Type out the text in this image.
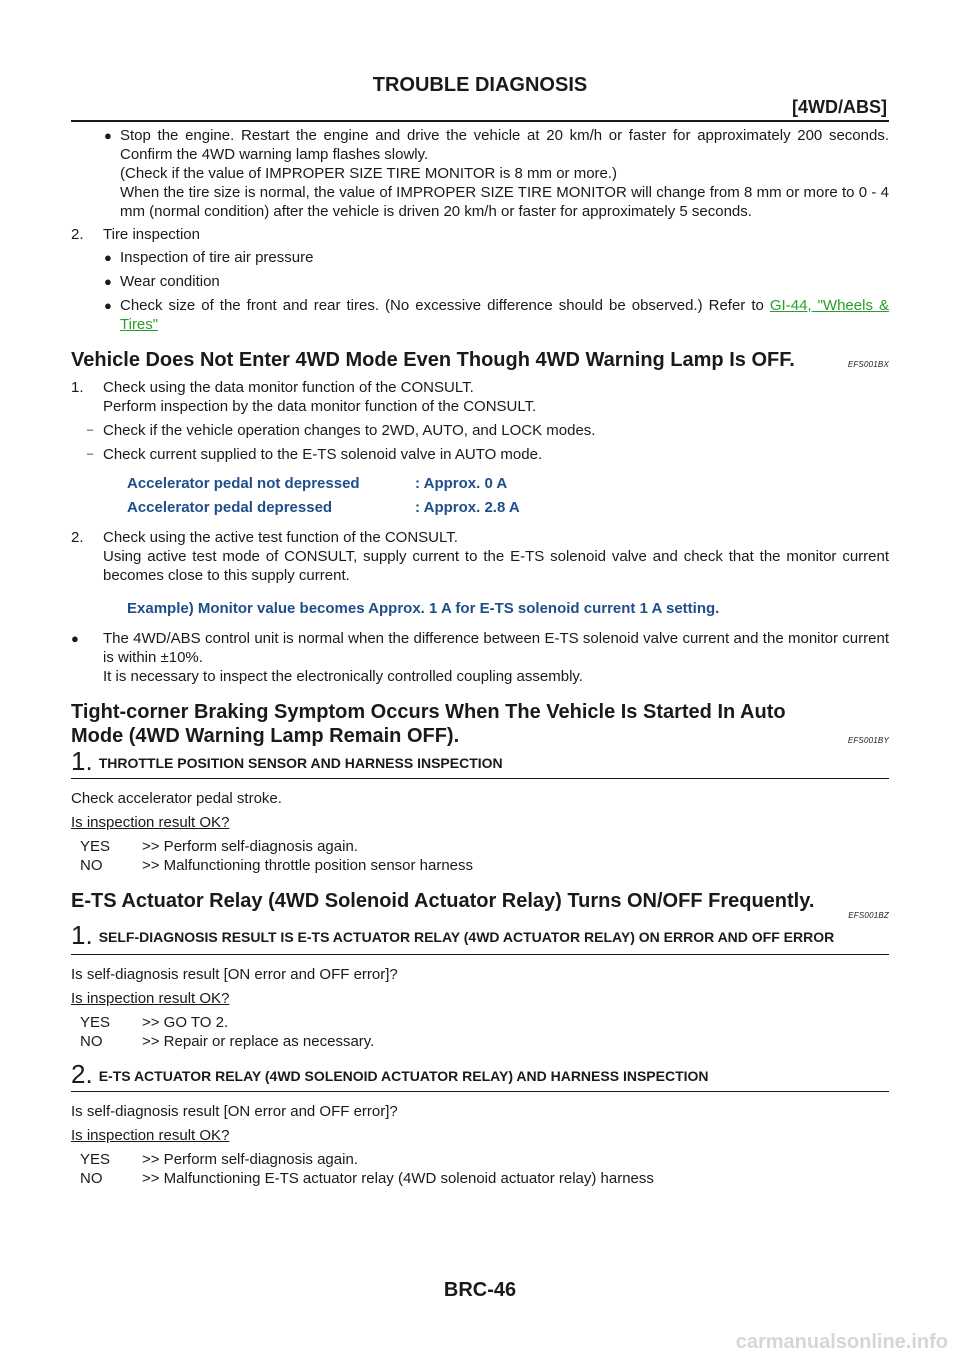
TROUBLE DIAGNOSIS
[4WD/ABS]
● Stop the engine. Restart the engine and drive the vehicle at 20 km/h or faster for approximately 200 seconds. Confirm the 4WD warning lamp flashes slowly.

(Check if the value of IMPROPER SIZE TIRE MONITOR is 8 mm or more.)

When the tire size is normal, the value of IMPROPER SIZE TIRE MONITOR will change from 8 mm or more to 0 - 4 mm (normal condition) after the vehicle is driven 20 km/h or faster for approximately 5 seconds.

2. Tire inspection

● Inspection of tire air pressure

● Wear condition

● Check size of the front and rear tires. (No excessive difference should be observed.) Refer to GI-44, "Wheels & Tires"

Vehicle Does Not Enter 4WD Mode Even Though 4WD Warning Lamp Is OFF.	EFS001BX
1. Check using the data monitor function of the CONSULT.

Perform inspection by the data monitor function of the CONSULT.

– Check if the vehicle operation changes to 2WD, AUTO, and LOCK modes.

– Check current supplied to the E-TS solenoid valve in AUTO mode.

Accelerator pedal not depressed	: Approx. 0 A
Accelerator pedal depressed	: Approx. 2.8 A
2. Check using the active test function of the CONSULT.

Using active test mode of CONSULT, supply current to the E-TS solenoid valve and check that the monitor current becomes close to this supply current.

Example) Monitor value becomes Approx. 1 A for E-TS solenoid current 1 A setting.
● The 4WD/ABS control unit is normal when the difference between E-TS solenoid valve current and the monitor current is within ±10%.

It is necessary to inspect the electronically controlled coupling assembly.

Tight-corner Braking Symptom Occurs When The Vehicle Is Started In Auto Mode (4WD Warning Lamp Remain OFF).	EFS001BY
1. THROTTLE POSITION SENSOR AND HARNESS INSPECTION

Check accelerator pedal stroke.

Is inspection result OK?

YES	>> Perform self-diagnosis again.
NO	>> Malfunctioning throttle position sensor harness
E-TS Actuator Relay (4WD Solenoid Actuator Relay) Turns ON/OFF Frequently.
EFS001BZ
1. SELF-DIAGNOSIS RESULT IS E-TS ACTUATOR RELAY (4WD ACTUATOR RELAY) ON ERROR AND OFF ERROR

Is self-diagnosis result [ON error and OFF error]?

Is inspection result OK?

YES	>> GO TO 2.
NO	>> Repair or replace as necessary.
2. E-TS ACTUATOR RELAY (4WD SOLENOID ACTUATOR RELAY) AND HARNESS INSPECTION

Is self-diagnosis result [ON error and OFF error]?

Is inspection result OK?

YES	>> Perform self-diagnosis again.
NO	>> Malfunctioning E-TS actuator relay (4WD solenoid actuator relay) harness
BRC-46
carmanualsonline.info
